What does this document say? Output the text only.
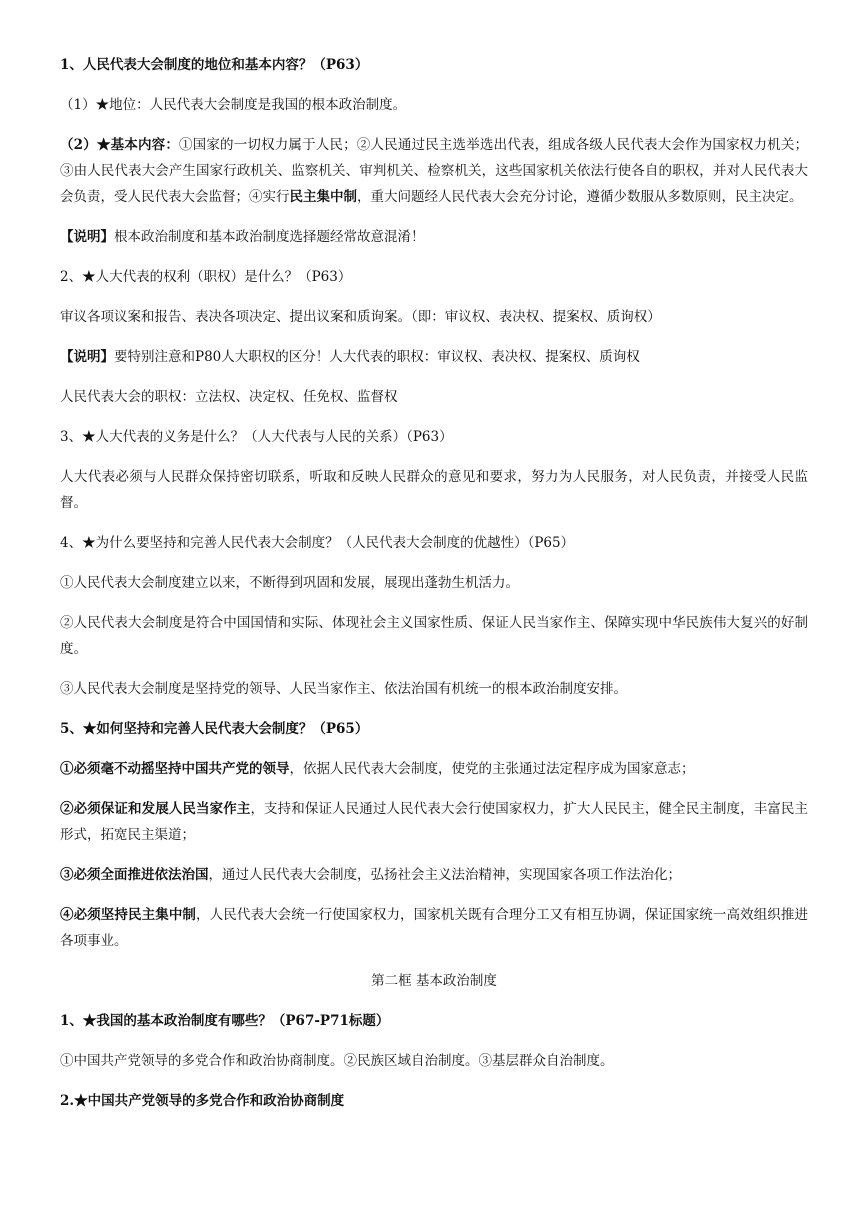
1、人民代表大会制度的地位和基本内容？（P63）

（1）★地位：人民代表大会制度是我国的根本政治制度。

（2）★基本内容：①国家的一切权力属于人民；②人民通过民主选举选出代表，组成各级人民代表大会作为国家权力机关；③由人民代表大会产生国家行政机关、监察机关、审判机关、检察机关，这些国家机关依法行使各自的职权，并对人民代表大会负责，受人民代表大会监督；④实行民主集中制，重大问题经人民代表大会充分讨论，遵循少数服从多数原则，民主决定。

【说明】根本政治制度和基本政治制度选择题经常故意混淆！

2、★人大代表的权利（职权）是什么？（P63）

审议各项议案和报告、表决各项决定、提出议案和质询案。（即：审议权、表决权、提案权、质询权）

【说明】要特别注意和P80人大职权的区分！人大代表的职权：审议权、表决权、提案权、质询权

人民代表大会的职权：立法权、决定权、任免权、监督权

3、★人大代表的义务是什么？（人大代表与人民的关系）（P63）

人大代表必须与人民群众保持密切联系，听取和反映人民群众的意见和要求，努力为人民服务，对人民负责，并接受人民监督。

4、★为什么要坚持和完善人民代表大会制度？（人民代表大会制度的优越性）（P65）

①人民代表大会制度建立以来，不断得到巩固和发展，展现出蓬勃生机活力。

②人民代表大会制度是符合中国国情和实际、体现社会主义国家性质、保证人民当家作主、保障实现中华民族伟大复兴的好制度。

③人民代表大会制度是坚持党的领导、人民当家作主、依法治国有机统一的根本政治制度安排。

5、★如何坚持和完善人民代表大会制度？（P65）

①必须毫不动摇坚持中国共产党的领导，依据人民代表大会制度，使党的主张通过法定程序成为国家意志；

②必须保证和发展人民当家作主，支持和保证人民通过人民代表大会行使国家权力，扩大人民民主，健全民主制度，丰富民主形式，拓宽民主渠道；

③必须全面推进依法治国，通过人民代表大会制度，弘扬社会主义法治精神，实现国家各项工作法治化；

④必须坚持民主集中制，人民代表大会统一行使国家权力，国家机关既有合理分工又有相互协调，保证国家统一高效组织推进各项事业。

第二框 基本政治制度

1、★我国的基本政治制度有哪些？（P67-P71标题）

①中国共产党领导的多党合作和政治协商制度。②民族区域自治制度。③基层群众自治制度。

2.★中国共产党领导的多党合作和政治协商制度
